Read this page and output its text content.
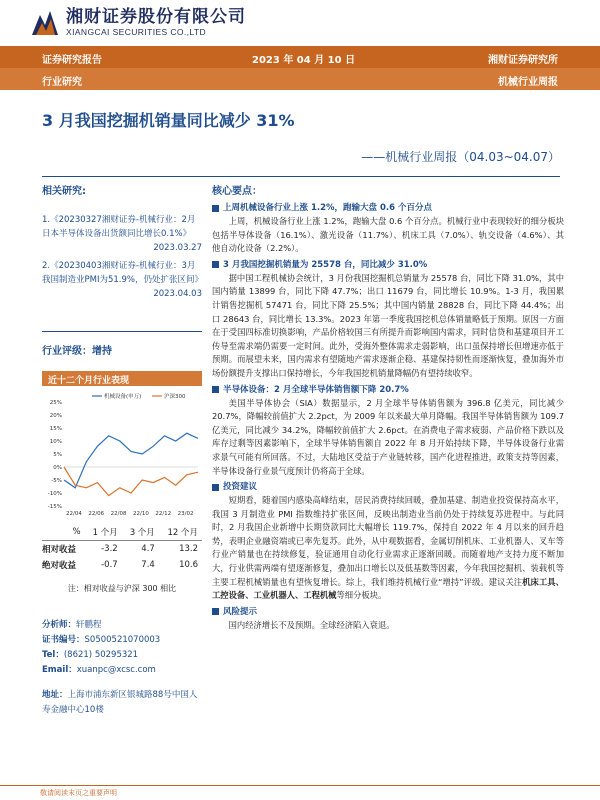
湘财证券股份有限公司
XIANGCAI SECURITIES CO.,LTD
证券研究报告	2023 年 04 月 10 日	湘财证券研究所
行业研究	机械行业周报
3 月我国挖掘机销量同比减少 31%
——机械行业周报（04.03~04.07）
相关研究:
1.《20230327湘财证券-机械行业：2月日本半导体设备出货额同比增长0.1%》
2023.03.27
2.《20230403湘财证券-机械行业：3月我国制造业PMI为51.9%，仍处扩张区间》
2023.04.03
行业评级：增持
近十二个月行业表现
25%
20%
15%
10%
5%
0%
-5%
-10%
-15%
22/04 22/06 22/08 22/10 22/12 23/02
机械设备(申万)	沪深300
%	1 个月	3 个月	12 个月
相对收益	-3.2	4.7	13.2
绝对收益	-0.7	7.4	10.6
注：相对收益与沪深 300 相比
分析师：轩鹏程
证书编号：S0500521070003
Tel：(8621) 50295321
Email：xuanpc@xcsc.com
地址：上海市浦东新区银城路88号中国人寿金融中心10楼
核心要点：
上周机械设备行业上涨 1.2%，跑输大盘 0.6 个百分点

上周，机械设备行业上涨 1.2%，跑输大盘 0.6 个百分点。机械行业中表现较好的细分板块包括半导体设备（16.1%）、激光设备（11.7%）、机床工具（7.0%）、轨交设备（4.6%）、其他自动化设备（2.2%）。

3 月我国挖掘机销量为 25578 台，同比减少 31.0%

据中国工程机械协会统计，3 月份我国挖掘机总销量为 25578 台，同比下降 31.0%，其中国内销量 13899 台，同比下降 47.7%；出口 11679 台，同比增长 10.9%。1-3 月，我国累计销售挖掘机 57471 台，同比下降 25.5%；其中国内销量 28828 台，同比下降 44.4%；出口 28643 台，同比增长 13.3%。2023 年第一季度我国挖机总体销量略低于预期。原因一方面在于受国四标准切换影响，产品价格较国三有所提升而影响国内需求，同时信贷和基建项目开工传导至需求端仍需要一定时间。此外，受海外整体需求走弱影响，出口虽保持增长但增速亦低于预期。而展望未来，国内需求有望随地产需求逐渐企稳、基建保持韧性而逐渐恢复，叠加海外市场份额提升支撑出口保持增长，今年我国挖机销量降幅仍有望持续收窄。

半导体设备：2 月全球半导体销售额下降 20.7%

美国半导体协会（SIA）数据显示，2 月全球半导体销售额为 396.8 亿美元，同比减少 20.7%，降幅较前值扩大 2.2pct，为 2009 年以来最大单月降幅。我国半导体销售额为 109.7 亿美元，同比减少 34.2%，降幅较前值扩大 2.6pct。在消费电子需求疲弱、产品价格下跌以及库存过剩等因素影响下，全球半导体销售额自 2022 年 8 月开始持续下降，半导体设备行业需求景气可能有所回落。不过，大陆地区受益于产业链转移，国产化进程推进，政策支持等因素，半导体设备行业景气度预计仍将高于全球。

投资建议

短期看，随着国内感染高峰结束，居民消费持续回暖，叠加基建、制造业投资保持高水平，我国 3 月制造业 PMI 指数维持扩张区间，反映出制造业当前仍处于持续复苏进程中。与此同时，2 月我国企业新增中长期贷款同比大幅增长 119.7%，保持自 2022 年 4 月以来的回升趋势，表明企业融资端或已率先复苏。此外，从中观数据看，金属切削机床、工业机器人、叉车等行业产销量也在持续修复，验证通用自动化行业需求正逐渐回暖。而随着地产支持力度不断加大，行业供需两端有望逐渐修复，叠加出口增长以及低基数等因素，今年我国挖掘机、装载机等主要工程机械销量也有望恢复增长。综上，我们维持机械行业“增持”评级。建议关注机床工具、工控设备、工业机器人、工程机械等细分板块。

风险提示

国内经济增长不及预期。全球经济陷入衰退。

敬请阅读末页之重要声明
